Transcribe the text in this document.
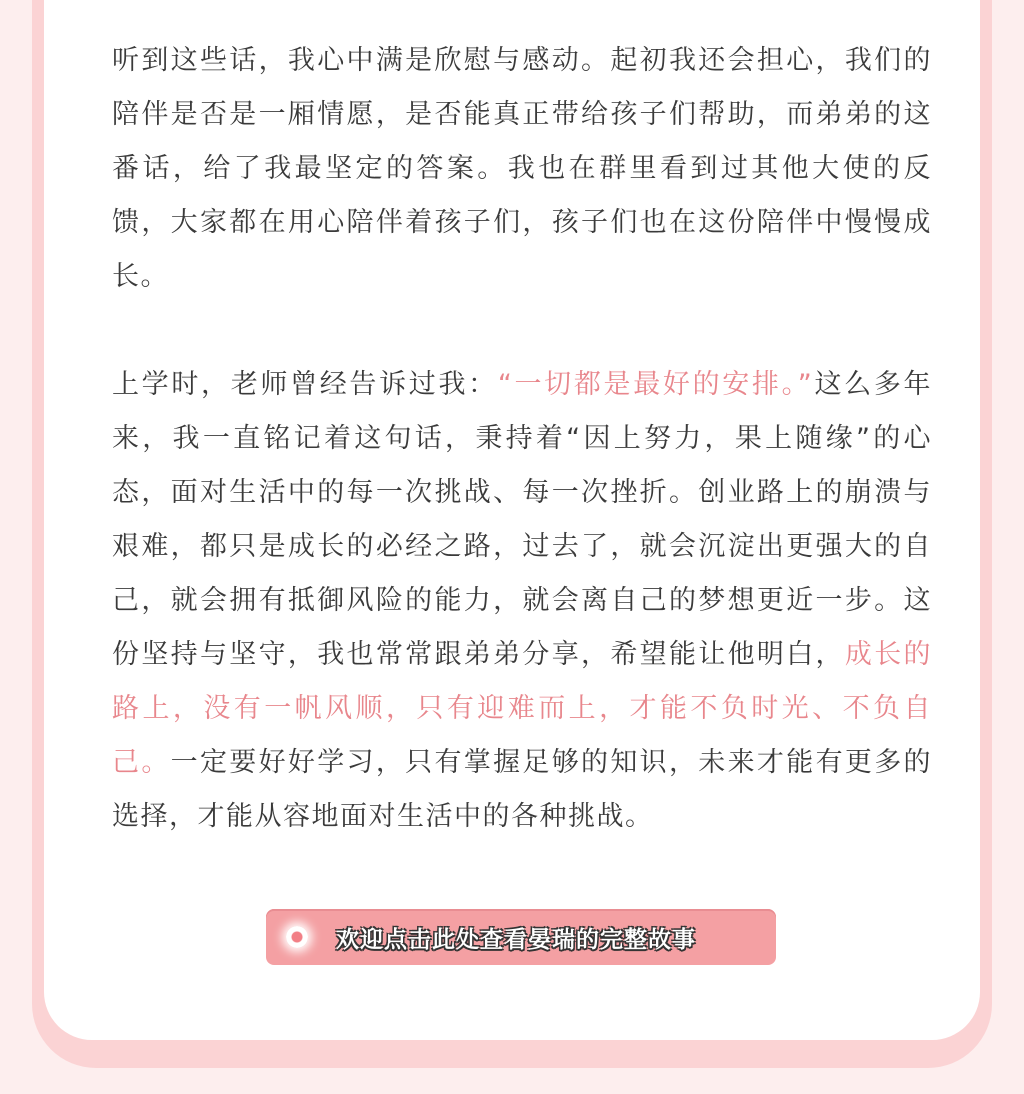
听到这些话，我心中满是欣慰与感动。起初我还会担心，我们的陪伴是否是一厢情愿，是否能真正带给孩子们帮助，而弟弟的这番话，给了我最坚定的答案。我也在群里看到过其他大使的反馈，大家都在用心陪伴着孩子们，孩子们也在这份陪伴中慢慢成长。

上学时，老师曾经告诉过我：“一切都是最好的安排。”这么多年来，我一直铭记着这句话，秉持着“因上努力，果上随缘”的心态，面对生活中的每一次挑战、每一次挫折。创业路上的崩溃与艰难，都只是成长的必经之路，过去了，就会沉淀出更强大的自己，就会拥有抵御风险的能力，就会离自己的梦想更近一步。这份坚持与坚守，我也常常跟弟弟分享，希望能让他明白，成长的路上，没有一帆风顺，只有迎难而上，才能不负时光、不负自己。一定要好好学习，只有掌握足够的知识，未来才能有更多的选择，才能从容地面对生活中的各种挑战。

欢迎点击此处查看晏瑞的完整故事
